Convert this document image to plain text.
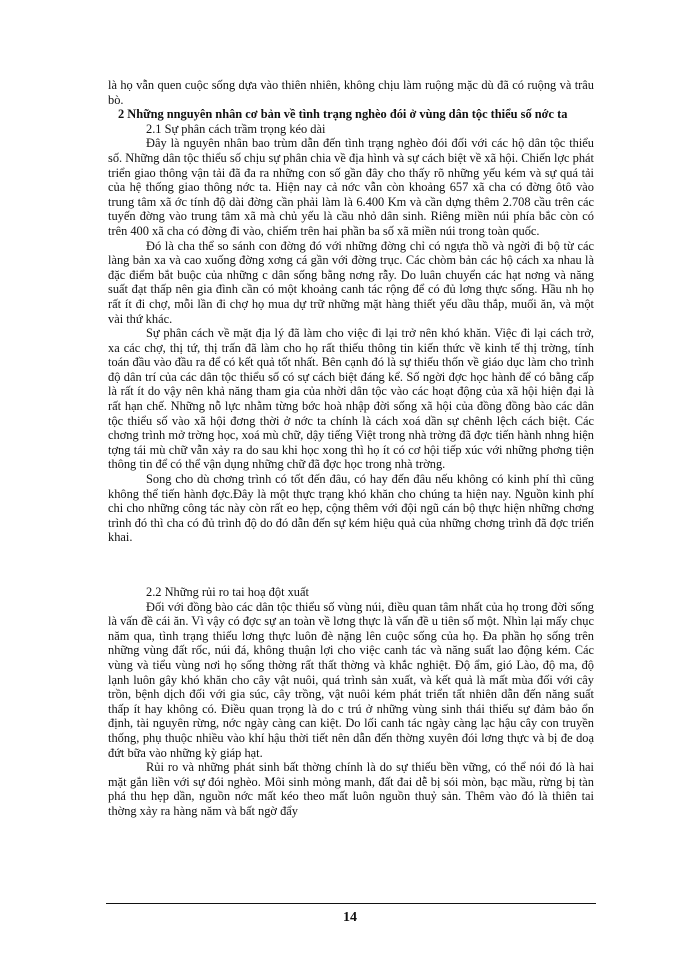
là họ vẫn quen cuộc sống dựa vào thiên nhiên, không chịu làm ruộng mặc dù đã có ruộng và trâu bò.

2 Những nnguyên nhân cơ bản về tình trạng nghèo đói ở vùng dân tộc thiểu số nớc ta

2.1 Sự phân cách trầm trọng kéo dài

Đây là nguyên nhân bao trùm dẫn đến tình trạng nghèo đói đối với các hộ dân tộc thiểu số. Những dân tộc thiểu số chịu sự phân chia về địa hình và sự cách biệt về xã hội. Chiến lợc phát triển giao thông vận tải đã đa ra những con số gần đây cho thấy rõ những yếu kém và sự quá tải của hệ thống giao thông nớc ta. Hiện nay cả nớc vẫn còn khoảng 657 xã cha có đờng ôtô vào trung tâm xã ớc tính độ dài đờng cần phải làm là 6.400 Km và cần dựng thêm 2.708 cầu trên các tuyến đờng vào trung tâm xã mà chủ yếu là cầu nhỏ dân sinh. Riêng miền núi phía bắc còn có trên 400 xã cha có đờng đi vào, chiếm trên hai phần ba số xã miền núi trong toàn quốc.

Đó là cha thể so sánh con đờng đó với những đờng chỉ có ngựa thồ và ngời đi bộ từ các làng bản xa và cao xuống đờng xơng cá gần với đờng trục. Các chòm bản các hộ cách xa nhau là đặc điểm bắt buộc của những c dân sống bằng nơng rẫy. Do luân chuyển các hạt nơng và năng suất đạt thấp nên gia đình cần có một khoảng canh tác rộng để có đủ lơng thực sống. Hầu nh họ rất ít đi chợ, mỗi lần đi chợ họ mua dự trữ những mặt hàng thiết yếu dầu thắp, muối ăn, và một vài thứ khác.

Sự phân cách về mặt địa lý đã làm cho việc đi lại trở nên khó khăn. Việc đi lại cách trở, xa các chợ, thị tứ, thị trấn đã làm cho họ rất thiếu thông tin kiến thức về kinh tế thị trờng, tính toán đầu vào đầu ra để có kết quả tốt nhất. Bên cạnh đó là sự thiếu thốn về giáo dục làm cho trình độ dân trí của các dân tộc thiểu số có sự cách biệt đáng kể. Số ngời đợc học hành để có bằng cấp là rất ít do vậy nên khả năng tham gia của nhời dân tộc vào các hoạt động của xã hội hiện đại là rất hạn chế. Những nỗ lực nhằm từng bớc hoà nhập đời sống xã hội của đồng đồng bào các dân tộc thiểu số vào xã hội đơng thời ở nớc ta chính là cách xoá dần sự chênh lệch cách biệt. Các chơng trình mở trờng học, xoá mù chữ, dậy tiếng Việt trong nhà trờng đã đợc tiến hành nhng hiện tợng tái mù chữ vẫn xảy ra do sau khi học xong thì họ ít có cơ hội tiếp xúc với những phơng tiện thông tin để có thể vận dụng những chữ đã đợc học trong nhà trờng.

Song cho dù chơng trình có tốt đến đâu, có hay đến đâu nếu không có kinh phí thì cũng không thể tiến hành đợc.Đây là một thực trạng khó khăn cho chúng ta hiện nay. Nguồn kinh phí chi cho những công tác này còn rất eo hẹp, cộng thêm với đội ngũ cán bộ thực hiện những chơng trình đó thì cha có đủ trình độ do đó dẫn đến sự kém hiệu quả của những chơng trình đã đợc triển khai.

2.2 Những rủi ro tai hoạ đột xuất

Đối với đồng bào các dân tộc thiểu số vùng núi, điều quan tâm nhất của họ trong đời sống là vấn đề cái ăn. Vì vậy có đợc sự an toàn về lơng thực là vấn đề u tiên số một. Nhìn lại mấy chục năm qua, tình trạng thiếu lơng thực luôn đè nặng lên cuộc sống của họ. Đa phần họ sống trên những vùng đất rốc, núi đá, không thuận lợi cho việc canh tác và năng suất lao động kém. Các vùng và tiểu vùng nơi họ sống thờng rất thất thờng và khắc nghiệt. Độ ẩm, gió Lào, độ ma, độ lạnh luôn gây khó khăn cho cây vật nuôi, quá trình sản xuất, và kết quả là mất mùa đối với cây trồn, bệnh dịch đối với gia súc, cây trồng, vật nuôi kém phát triển tất nhiên dẫn đến năng suất thấp ít hay không có. Điều quan trọng là do c trú ở những vùng sinh thái thiếu sự đảm bảo ổn định, tài nguyên rừng, nớc ngày càng can kiệt. Do lối canh tác ngày càng lạc hậu cây con truyền thống, phụ thuộc nhiều vào khí hậu thời tiết nên dẫn đến thờng xuyên đói lơng thực và bị đe doạ đứt bữa vào những kỳ giáp hạt.

Rủi ro và những phát sinh bất thờng chính là do sự thiếu bền vững, có thể nói đó là hai mặt gắn liền với sự đói nghèo. Môi sinh mỏng manh, đất đai dễ bị sói mòn, bạc mầu, rừng bị tàn phá thu hẹp dần, nguồn nớc mất kéo theo mất luôn nguồn thuỷ sản. Thêm vào đó là thiên tai thờng xảy ra hàng năm và bất ngờ đẩy

14
